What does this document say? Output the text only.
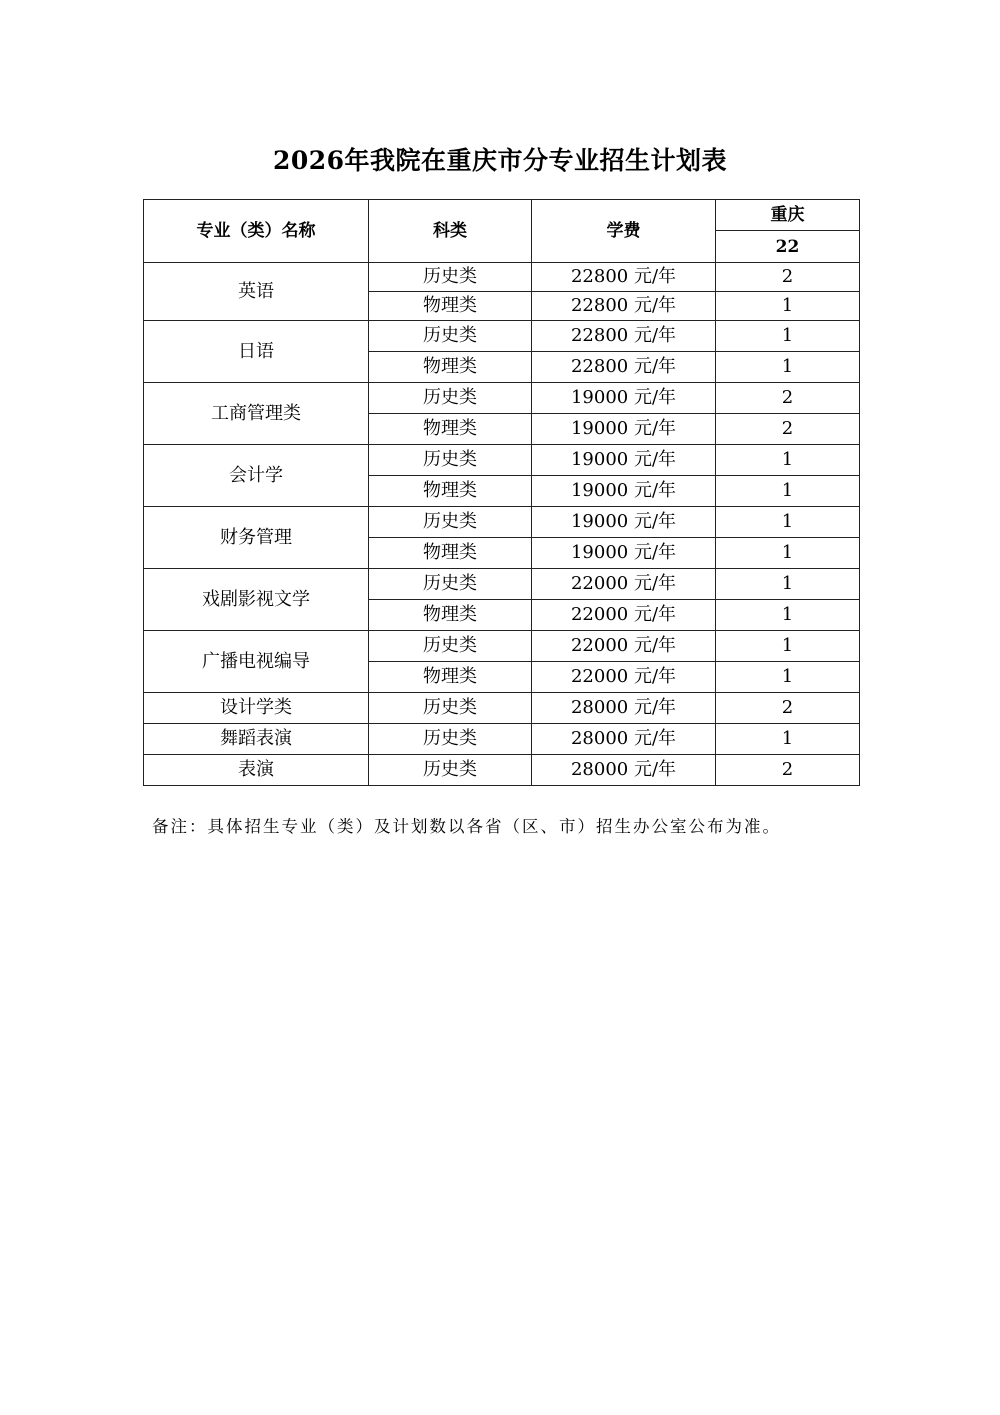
2026年我院在重庆市分专业招生计划表
专业（类）名称	科类	学费	重庆
			22
英语	历史类	22800 元/年	2
	物理类	22800 元/年	1
日语	历史类	22800 元/年	1
	物理类	22800 元/年	1
工商管理类	历史类	19000 元/年	2
	物理类	19000 元/年	2
会计学	历史类	19000 元/年	1
	物理类	19000 元/年	1
财务管理	历史类	19000 元/年	1
	物理类	19000 元/年	1
戏剧影视文学	历史类	22000 元/年	1
	物理类	22000 元/年	1
广播电视编导	历史类	22000 元/年	1
	物理类	22000 元/年	1
设计学类	历史类	28000 元/年	2
舞蹈表演	历史类	28000 元/年	1
表演	历史类	28000 元/年	2
备注：具体招生专业（类）及计划数以各省（区、市）招生办公室公布为准。
